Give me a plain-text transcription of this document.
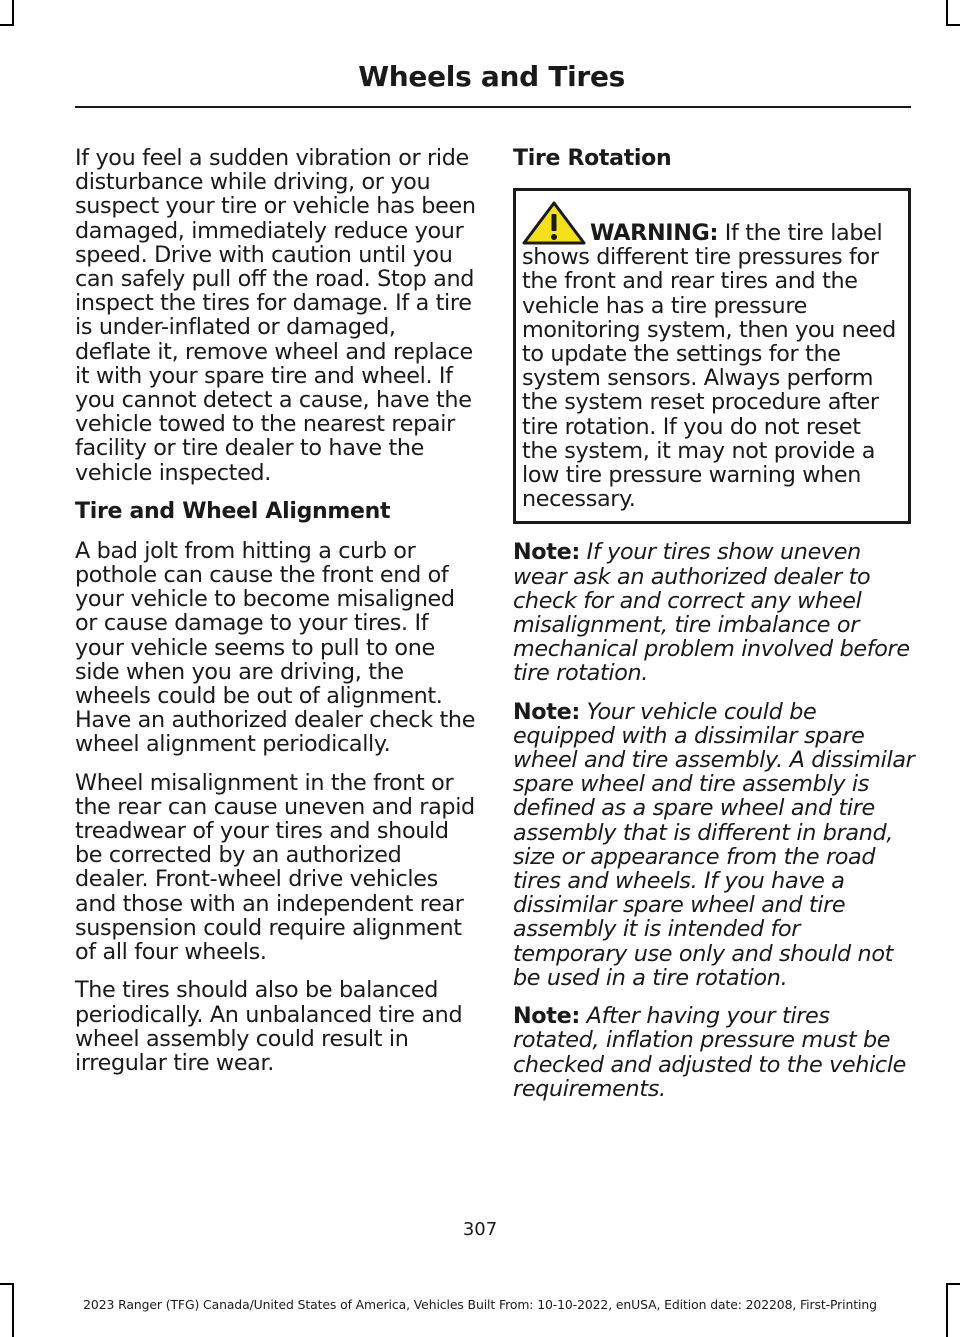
Wheels and Tires

If you feel a sudden vibration or ride disturbance while driving, or you suspect your tire or vehicle has been damaged, immediately reduce your speed. Drive with caution until you can safely pull off the road. Stop and inspect the tires for damage. If a tire is under-inflated or damaged, deflate it, remove wheel and replace it with your spare tire and wheel. If you cannot detect a cause, have the vehicle towed to the nearest repair facility or tire dealer to have the vehicle inspected.

Tire and Wheel Alignment

A bad jolt from hitting a curb or pothole can cause the front end of your vehicle to become misaligned or cause damage to your tires. If your vehicle seems to pull to one side when you are driving, the wheels could be out of alignment. Have an authorized dealer check the wheel alignment periodically.

Wheel misalignment in the front or the rear can cause uneven and rapid treadwear of your tires and should be corrected by an authorized dealer. Front-wheel drive vehicles and those with an independent rear suspension could require alignment of all four wheels.

The tires should also be balanced periodically. An unbalanced tire and wheel assembly could result in irregular tire wear.

Tire Rotation

WARNING: If the tire label shows different tire pressures for the front and rear tires and the vehicle has a tire pressure monitoring system, then you need to update the settings for the system sensors. Always perform the system reset procedure after tire rotation. If you do not reset the system, it may not provide a low tire pressure warning when necessary.

Note: If your tires show uneven wear ask an authorized dealer to check for and correct any wheel misalignment, tire imbalance or mechanical problem involved before tire rotation.

Note: Your vehicle could be equipped with a dissimilar spare wheel and tire assembly. A dissimilar spare wheel and tire assembly is defined as a spare wheel and tire assembly that is different in brand, size or appearance from the road tires and wheels. If you have a dissimilar spare wheel and tire assembly it is intended for temporary use only and should not be used in a tire rotation.

Note: After having your tires rotated, inflation pressure must be checked and adjusted to the vehicle requirements.

307
2023 Ranger (TFG) Canada/United States of America, Vehicles Built From: 10-10-2022, enUSA, Edition date: 202208, First-Printing
